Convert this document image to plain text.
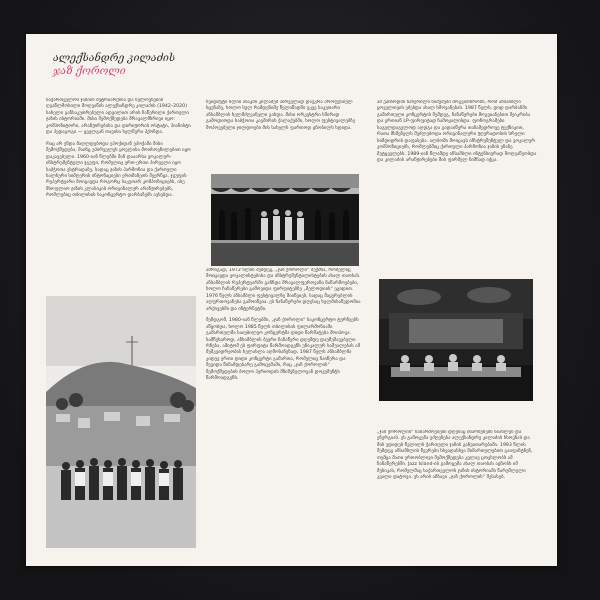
ალექსანდრე კილაძის
ჯაზ ქოროლი

საქართველოს ჯაზიის მეტრიარქისა და ხელოვნების ღვაწლმოსილი მოღვაწის ალექსანდრე კილაძის (1942–2020) სახელი განსაკუთრებული ადგილით არის ჩაწერილი ქართული ჯაზის ისტორიაში. მისი შემოქმედება მრავალმხრივი იყო: კომპოზიტორი, არანჟირებისა და დირიჟორის ოსტატი, პიანისტი და პედაგოგი — ყველგან თავისი ხელწერა ჰქონდა.

რაც არ უნდა მაღლდებოდა ეპოქიდან ეპოქაში მისი შემოქმედება, მაინც უპირველეს ყოვლისა მოთხოვნილებით იყო დაკავებული. 1960-იან წლებში მან დააარსა ვოკალურ-ინსტრუმენტული ჯგუფი, რომელიც ერთ-ერთი პირველი იყო საბჭოთა ესტრადაზე, სადაც ჯაზის ჰარმონია და ქართული ხალხური სიმღერის ინტონაციები ერთმანეთს შეერწყა. ჯგუფის რეპერტუარი მოიცავდა როგორც საკუთარ კომპოზიციებს, ისე მსოფლიო ჯაზის კლასიკის ორიგინალურ არანჟირებებს, რომლებიც თბილისის საკონცერტო დარბაზებს ავსებდა.

ჩვიდმეტი წლის ასაკში კილაძემ პირველად დაუკრა პროფესიულ სცენაზე, ხოლო სულ რამდენიმე წელიწადში უკვე საკუთარი ანსამბლის ხელმძღვანელი გახდა. მისი ორკესტრი ხშირად გამოდიოდა საბჭოთა კავშირის ქალაქებში, ხოლო ფესტივალებზე მოპოვებული ჯილდოები მის სახელს ფართოდ ცნობილს ხდიდა.

ამრიგად, 1972 წლის შემდეგ, „ჯაზ ქოროლი“ შექმნა, რომელიც მოიცავდა ვოკალისტებისა და ინსტრუმენტალისტების ახალ თაობას. ანსამბლის რეპერტუარში გაჩნდა მრავალფეროვანი ნაწარმოებები, ხოლო ჩანაწერები გამოვიდა ფირფიტებზე „მელოდიის“ ეგიდით. 1976 წელს ანსამბლი ფესტივალზე მიიწვიეს, სადაც მაყურებლის აღფრთოვანება გამოიწვია. ეს ჩანაწერები დღესაც ხელმისაწვდომია არქივებში და ინტერნეტში.

შემდგომ, 1980-იან წლებში, „ჯაზ ქოროლი“ საკონცერტო ტურნეებს აწყობდა, ხოლო 1985 წელს თბილისის ფილარმონიაში გამართულმა საიუბილეო კონცერტმა დიდი წარმატება მოიპოვა. სამწუხაროდ, ანსამბლის ბევრი ჩანაწერი დღემდე დაუმუშავებელი რჩება, ამიტომ ეს ფირფიტა წარმოადგენს უნიკალურ საშუალებას ამ მემკვიდრეობის ხელახლა აღმოსაჩენად. 1987 წელს ანსამბლმა კიდევ ერთი დიდი კონცერტი გამართა, რომელიც ჩაიწერა და შევიდა წინამდებარე გამოცემაში, რაც „ჯაზ ქოროლის“ შემოქმედების ბოლო პერიოდის მნიშვნელოვან დოკუმენტს წარმოადგენს.

ამ ეპიზოდში ჩაწერილი ნიმუშები მოგვითხრობს, რომ ანსამბლი ყოველთვის ეძებდა ახალ ხმოვანებას. 1987 წელს, დიდ დარბაზში გამართული კონცერტის შემდეგ, ჩანაწერები მოგვიანებით შეიკრიბა და ერთიან LP-ფირფიტად ჩამოყალიბდა. ფონოგრამები საგულდაგულოდ აღდგა და გადაიწერა თანამედროვე ტექნიკით, რათა მსმენელს შეძლებოდა ორიგინალური ჟღერადობის სრული სიმდიდრის დაფასება. ალბომი მოიცავს ინსტრუმენტულ და ვოკალურ კომპოზიციებს, რომლებშიც ქართული ჰარმონია ჯაზის ენაზე მეტყველებს. 1989-იან წლამდე ანსამბლი ინტენსიურად მოღვაწეობდა და კილაძის არანჟირებები მის ფირმულ ნიშნად იქცა.

„ჯაზ ქოროლის“ ნაწარმოებები დღესაც ინარჩუნებს სიახლეს და ენერგიას. ეს გამოცემა ეძღვნება ალექსანდრე კილაძის ხსოვნას და მის უდიდეს წვლილს ქართული ჯაზის განვითარებაში. 1993 წლის შემდეგ ანსამბლის წევრები სხვადასხვა მიმართულებით გაიფანტნენ, თუმცა მათი ერთობლივი შემოქმედება კვლავ ცოცხლობს ამ ჩანაწერებში. Jazz Island-ის გამოცემა ახალ თაობას აცნობს იმ მუსიკას, რომელმაც საქართველოს ჯაზის ისტორიაში წარუშლელი კვალი დატოვა. ეს არის ამბავი „ჯაზ ქოროლის“ შესახებ.
